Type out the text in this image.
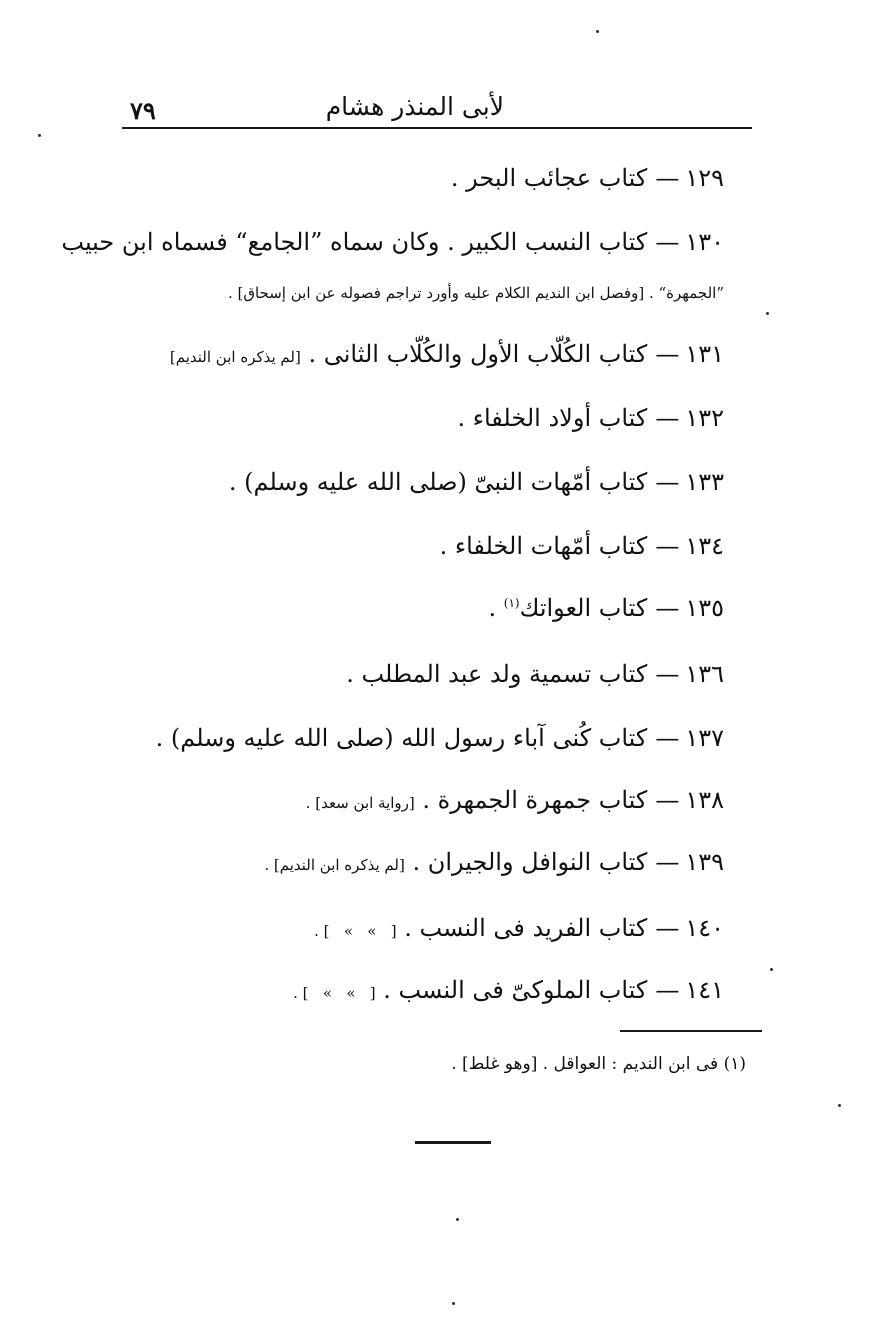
لأبى المنذر هشام
٧٩
١٢٩—كتاب عجائب البحر .
١٣٠—كتاب النسب الكبير . وكان سماه ”الجامع“ فسماه ابن حبيب
”الجمهرة“ . [وفصل ابن النديم الكلام عليه وأورد تراجم فصوله عن ابن إسحاق] .
١٣١—كتاب الكُلّاب الأول والكُلّاب الثانى . [لم يذكره ابن النديم]
١٣٢—كتاب أولاد الخلفاء .
١٣٣—كتاب أمّهات النبىّ (صلى الله عليه وسلم) .
١٣٤—كتاب أمّهات الخلفاء .
١٣٥—كتاب العواتك$^{(١)}$ .
١٣٦—كتاب تسمية ولد عبد المطلب .
١٣٧—كتاب كُنى آباء رسول الله (صلى الله عليه وسلم) .
١٣٨—كتاب جمهرة الجمهرة . [رواية ابن سعد] .
١٣٩—كتاب النوافل والجيران . [لم يذكره ابن النديم] .
١٤٠—كتاب الفريد فى النسب . [   »   »   ] .
١٤١—كتاب الملوكىّ فى النسب . [   »   »   ] .
(١) فى ابن النديم : العواقل . [وهو غلط] .
